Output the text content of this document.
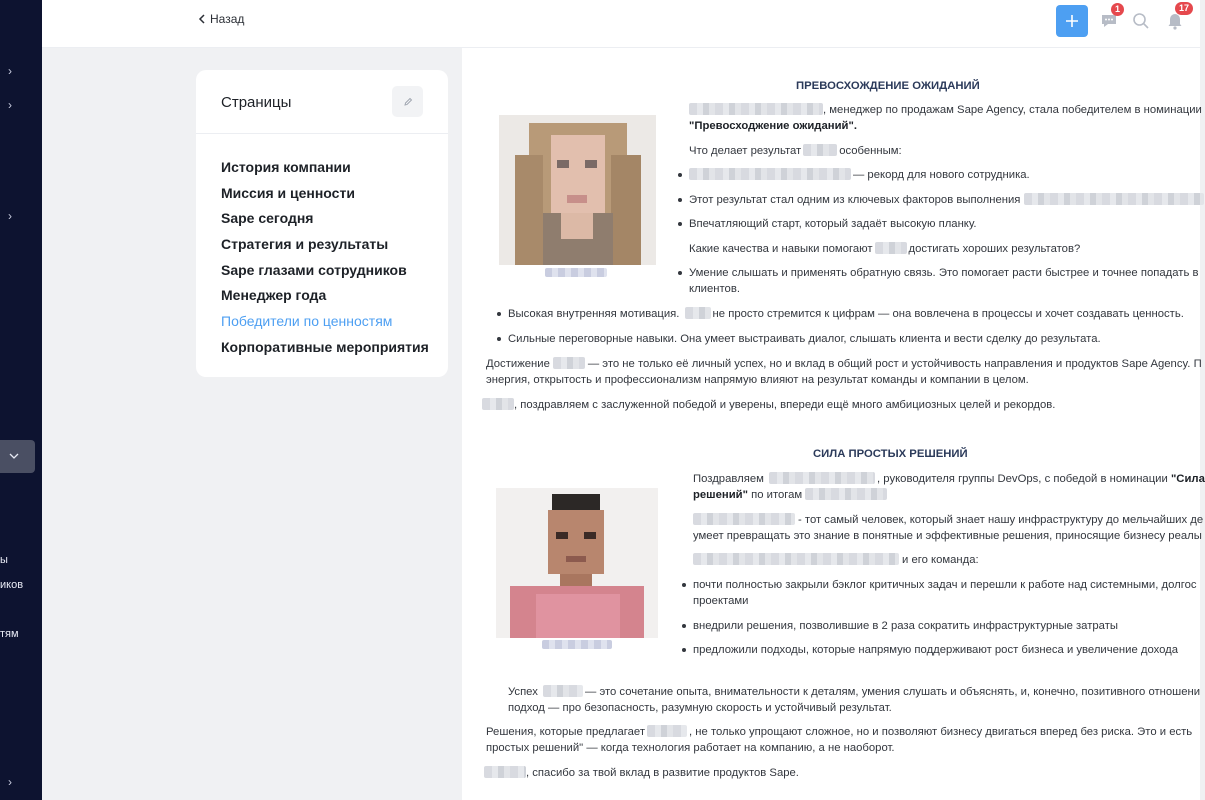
›
›
›
ы
иков
тям
›
Назад
1	17
Страницы
История компании
Миссия и ценности
Sape сегодня
Стратегия и результаты
Sape глазами сотрудников
Менеджер года
Победители по ценностям
Корпоративные мероприятия

ПРЕВОСХОЖДЕНИЕ ОЖИДАНИЙ

, менеджер по продажам Sape Agency, стала победителем в номинации

"Превосходжение ожиданий".

Что делает результат	особенным:

— рекорд для нового сотрудника.

Этот результат стал одним из ключевых факторов выполнения

Впечатляющий старт, который задаёт высокую планку.

Какие качества и навыки помогают	достигать хороших результатов?

Умение слышать и применять обратную связь. Это помогает расти быстрее и точнее попадать в

клиентов.

Высокая внутренняя мотивация.	не просто стремится к цифрам — она вовлечена в процессы и хочет создавать ценность.

Сильные переговорные навыки. Она умеет выстраивать диалог, слышать клиента и вести сделку до результата.

Достижение	— это не только её личный успех, но и вклад в общий рост и устойчивость направления и продуктов Sape Agency. П

энергия, открытость и профессионализм напрямую влияют на результат команды и компании в целом.

, поздравляем с заслуженной победой и уверены, впереди ещё много амбициозных целей и рекордов.

СИЛА ПРОСТЫХ РЕШЕНИЙ

Поздравляем	, руководителя группы DevOps, с победой в номинации "Сила

решений" по итогам

- тот самый человек, который знает нашу инфраструктуру до мельчайших де

умеет превращать это знание в понятные и эффективные решения, приносящие бизнесу реалы

и его команда:

почти полностью закрыли бэклог критичных задач и перешли к работе над системными, долгос

проектами

внедрили решения, позволившие в 2 раза сократить инфраструктурные затраты

предложили подходы, которые напрямую поддерживают рост бизнеса и увеличение дохода

Успех	— это сочетание опыта, внимательности к деталям, умения слушать и объяснять, и, конечно, позитивного отношени

подход — про безопасность, разумную скорость и устойчивый результат.

Решения, которые предлагает	, не только упрощают сложное, но и позволяют бизнесу двигаться вперед без риска. Это и есть

простых решений" — когда технология работает на компанию, а не наоборот.

, спасибо за твой вклад в развитие продуктов Sape.
